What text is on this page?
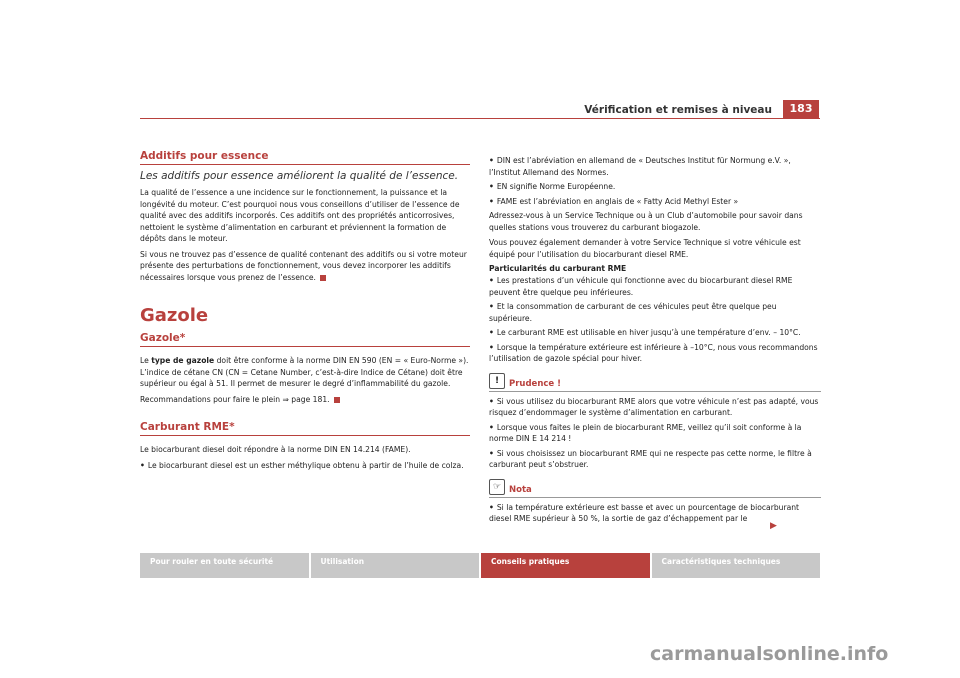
Vérification et remises à niveau	183
Additifs pour essence
Les additifs pour essence améliorent la qualité de l’essence.

La qualité de l’essence a une incidence sur le fonctionnement, la puissance et la longévité du moteur. C’est pourquoi nous vous conseillons d’utiliser de l’essence de qualité avec des additifs incorporés. Ces additifs ont des propriétés anticorrosives, nettoient le système d’alimentation en carburant et préviennent la formation de dépôts dans le moteur.

Si vous ne trouvez pas d’essence de qualité contenant des additifs ou si votre moteur présente des perturbations de fonctionnement, vous devez incorporer les additifs nécessaires lorsque vous prenez de l’essence.

Gazole
Gazole*

Le type de gazole doit être conforme à la norme DIN EN 590 (EN = « Euro-Norme »). L’indice de cétane CN (CN = Cetane Number, c’est-à-dire Indice de Cétane) doit être supérieur ou égal à 51. Il permet de mesurer le degré d’inflammabilité du gazole.

Recommandations pour faire le plein ⇒ page 181.

Carburant RME*

Le biocarburant diesel doit répondre à la norme DIN EN 14.214 (FAME).

• Le biocarburant diesel est un esther méthylique obtenu à partir de l’huile de colza.
• DIN est l’abréviation en allemand de « Deutsches Institut für Normung e.V. », l’Institut Allemand des Normes.
• EN signifie Norme Européenne.
• FAME est l’abréviation en anglais de « Fatty Acid Methyl Ester »

Adressez-vous à un Service Technique ou à un Club d’automobile pour savoir dans quelles stations vous trouverez du carburant biogazole.

Vous pouvez également demander à votre Service Technique si votre véhicule est équipé pour l’utilisation du biocarburant diesel RME.

Particularités du carburant RME
• Les prestations d’un véhicule qui fonctionne avec du biocarburant diesel RME peuvent être quelque peu inférieures.
• Et la consommation de carburant de ces véhicules peut être quelque peu supérieure.
• Le carburant RME est utilisable en hiver jusqu’à une température d’env. – 10°C.
• Lorsque la température extérieure est inférieure à –10°C, nous vous recommandons l’utilisation de gazole spécial pour hiver.
!	Prudence !
• Si vous utilisez du biocarburant RME alors que votre véhicule n’est pas adapté, vous risquez d’endommager le système d’alimentation en carburant.
• Lorsque vous faites le plein de biocarburant RME, veillez qu’il soit conforme à la norme DIN E 14 214 !
• Si vous choisissez un biocarburant RME qui ne respecte pas cette norme, le filtre à carburant peut s’obstruer.
☞ Nota
• Si la température extérieure est basse et avec un pourcentage de biocarburant diesel RME supérieur à 50 %, la sortie de gaz d’échappement par le
▶
Pour rouler en toute sécurité	Utilisation	Conseils pratiques	Caractéristiques techniques
carmanualsonline.info
